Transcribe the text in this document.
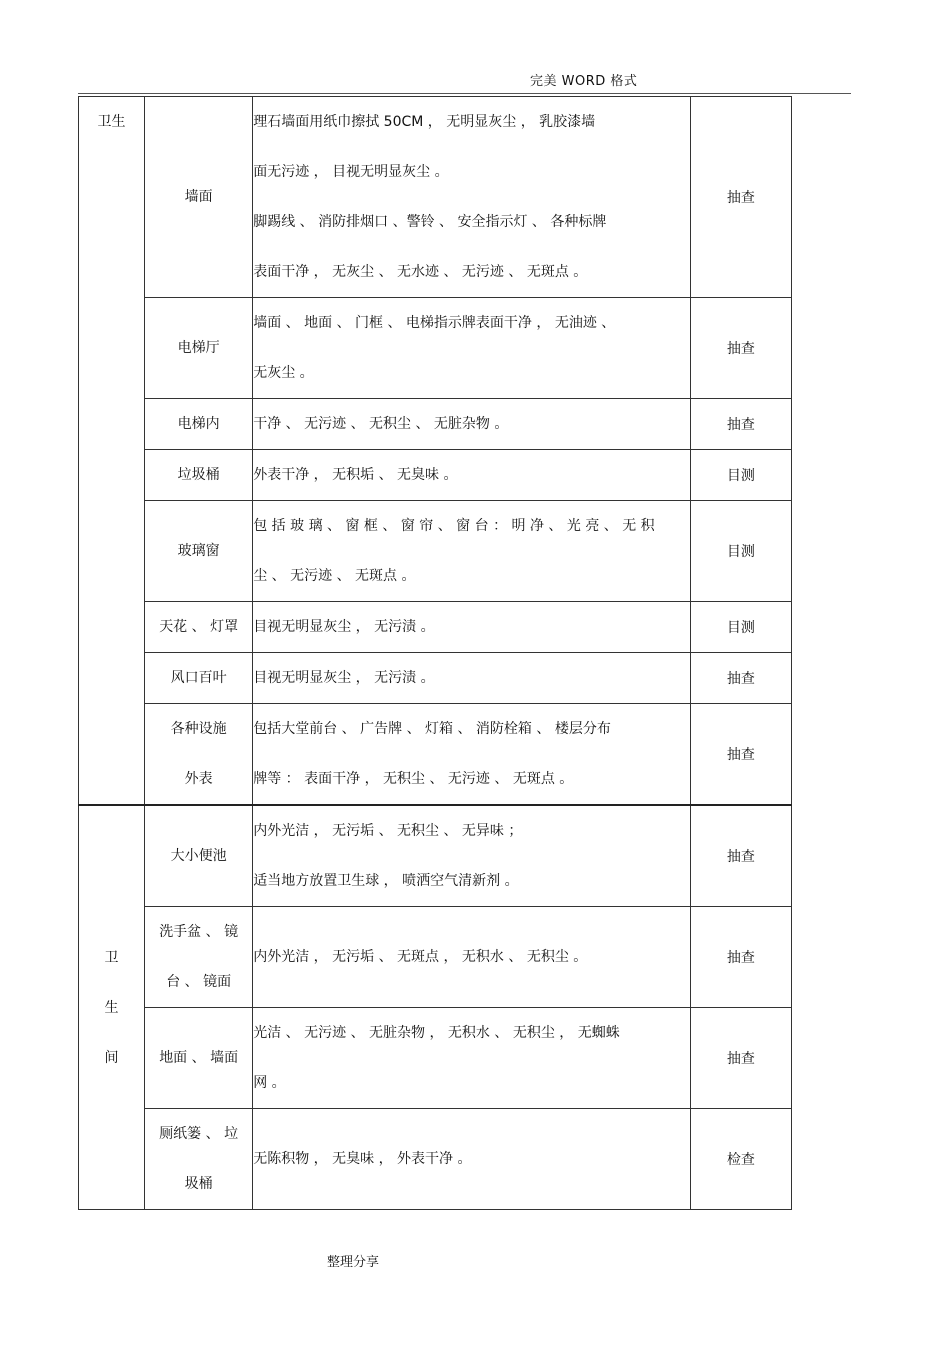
完美 WORD 格式
卫生	墙面	理石墙面用纸巾擦拭 50CM ， 无明显灰尘 ， 乳胶漆墙
面无污迹 ， 目视无明显灰尘 。
脚踢线 、 消防排烟口 、警铃 、 安全指示灯 、 各种标牌
表面干净 ， 无灰尘 、 无水迹 、 无污迹 、 无斑点 。	抽查

	电梯厅	墙面 、 地面 、 门框 、 电梯指示牌表面干净 ， 无油迹 、
无灰尘 。	抽查

	电梯内	干净 、 无污迹 、 无积尘 、 无脏杂物 。	抽查

	垃圾桶	外表干净 ， 无积垢 、 无臭味 。	目测

	玻璃窗	包 括 玻 璃 、 窗 框 、 窗 帘 、 窗 台 ： 明 净 、 光 亮 、 无 积
尘 、 无污迹 、 无斑点 。	目测

	天花 、 灯罩	目视无明显灰尘 ， 无污渍 。	目测

	风口百叶	目视无明显灰尘 ， 无污渍 。	抽查

	各种设施
外表	包括大堂前台 、 广告牌 、 灯箱 、 消防栓箱 、 楼层分布
牌等 ： 表面干净 ， 无积尘 、 无污迹 、 无斑点 。	抽查

卫
生
间	大小便池	内外光洁 ， 无污垢 、 无积尘 、 无异味 ；
适当地方放置卫生球 ， 喷洒空气清新剂 。	抽查

	洗手盆 、 镜
台 、 镜面	内外光洁 ， 无污垢 、 无斑点 ， 无积水 、 无积尘 。	抽查

	地面 、 墙面	光洁 、 无污迹 、 无脏杂物 ， 无积水 、 无积尘 ， 无蜘蛛
网 。	抽查

	厕纸篓 、 垃
圾桶	无陈积物 ， 无臭味 ， 外表干净 。	检查
整理分享
